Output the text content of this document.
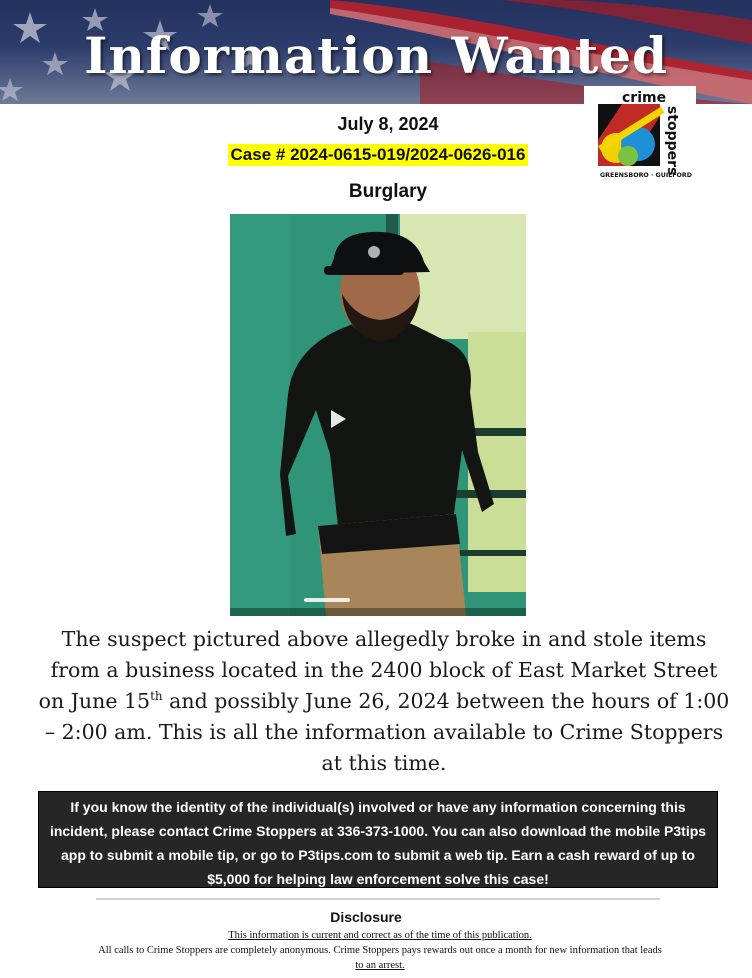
Information Wanted
crime
stoppers
GREENSBORO · GUILFORD
July 8, 2024
Case # 2024-0615-019/2024-0626-016
Burglary
The suspect pictured above allegedly broke in and stole items from a business located in the 2400 block of East Market Street on June 15th and possibly June 26, 2024 between the hours of 1:00 – 2:00 am. This is all the information available to Crime Stoppers at this time.
If you know the identity of the individual(s) involved or have any information concerning this incident, please contact Crime Stoppers at 336-373-1000. You can also download the mobile P3tips app to submit a mobile tip, or go to P3tips.com to submit a web tip. Earn a cash reward of up to $5,000 for helping law enforcement solve this case!
Disclosure
This information is current and correct as of the time of this publication.
All calls to Crime Stoppers are completely anonymous. Crime Stoppers pays rewards out once a month for new information that leads
to an arrest.
